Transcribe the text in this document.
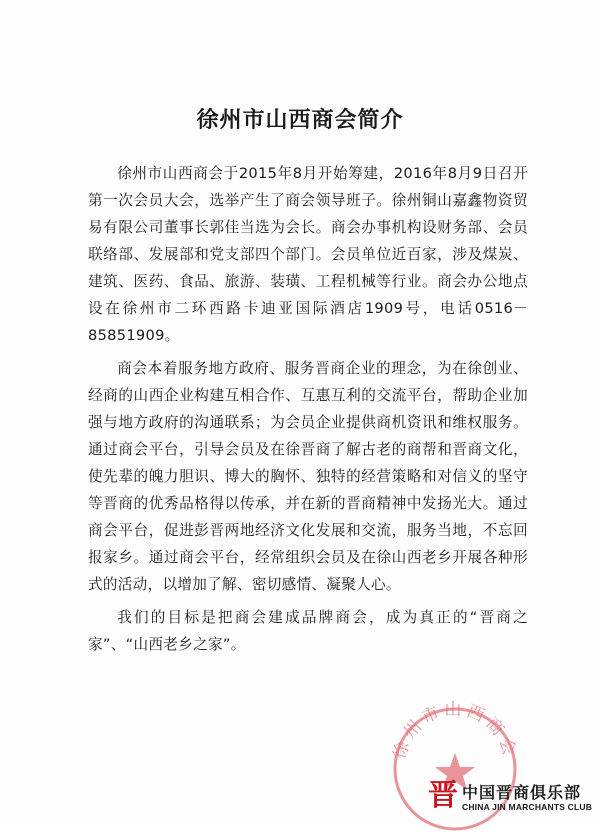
徐州市山西商会简介

徐州市山西商会于2015年8月开始筹建，2016年8月9日召开第一次会员大会，选举产生了商会领导班子。徐州铜山嘉鑫物资贸易有限公司董事长郭佳当选为会长。商会办事机构设财务部、会员联络部、发展部和党支部四个部门。会员单位近百家，涉及煤炭、建筑、医药、食品、旅游、装璜、工程机械等行业。商会办公地点设在徐州市二环西路卡迪亚国际酒店1909号，电话0516－85851909。

商会本着服务地方政府、服务晋商企业的理念，为在徐创业、经商的山西企业构建互相合作、互惠互利的交流平台，帮助企业加强与地方政府的沟通联系；为会员企业提供商机资讯和维权服务。通过商会平台，引导会员及在徐晋商了解古老的商帮和晋商文化，使先辈的魄力胆识、博大的胸怀、独特的经营策略和对信义的坚守等晋商的优秀品格得以传承，并在新的晋商精神中发扬光大。通过商会平台，促进彭晋两地经济文化发展和交流，服务当地，不忘回报家乡。通过商会平台，经常组织会员及在徐山西老乡开展各种形式的活动，以增加了解、密切感情、凝聚人心。

我们的目标是把商会建成品牌商会，成为真正的“晋商之家”、“山西老乡之家”。

徐州市山西商会
晋 中国晋商俱乐部
CHINA JIN MARCHANTS CLUB
